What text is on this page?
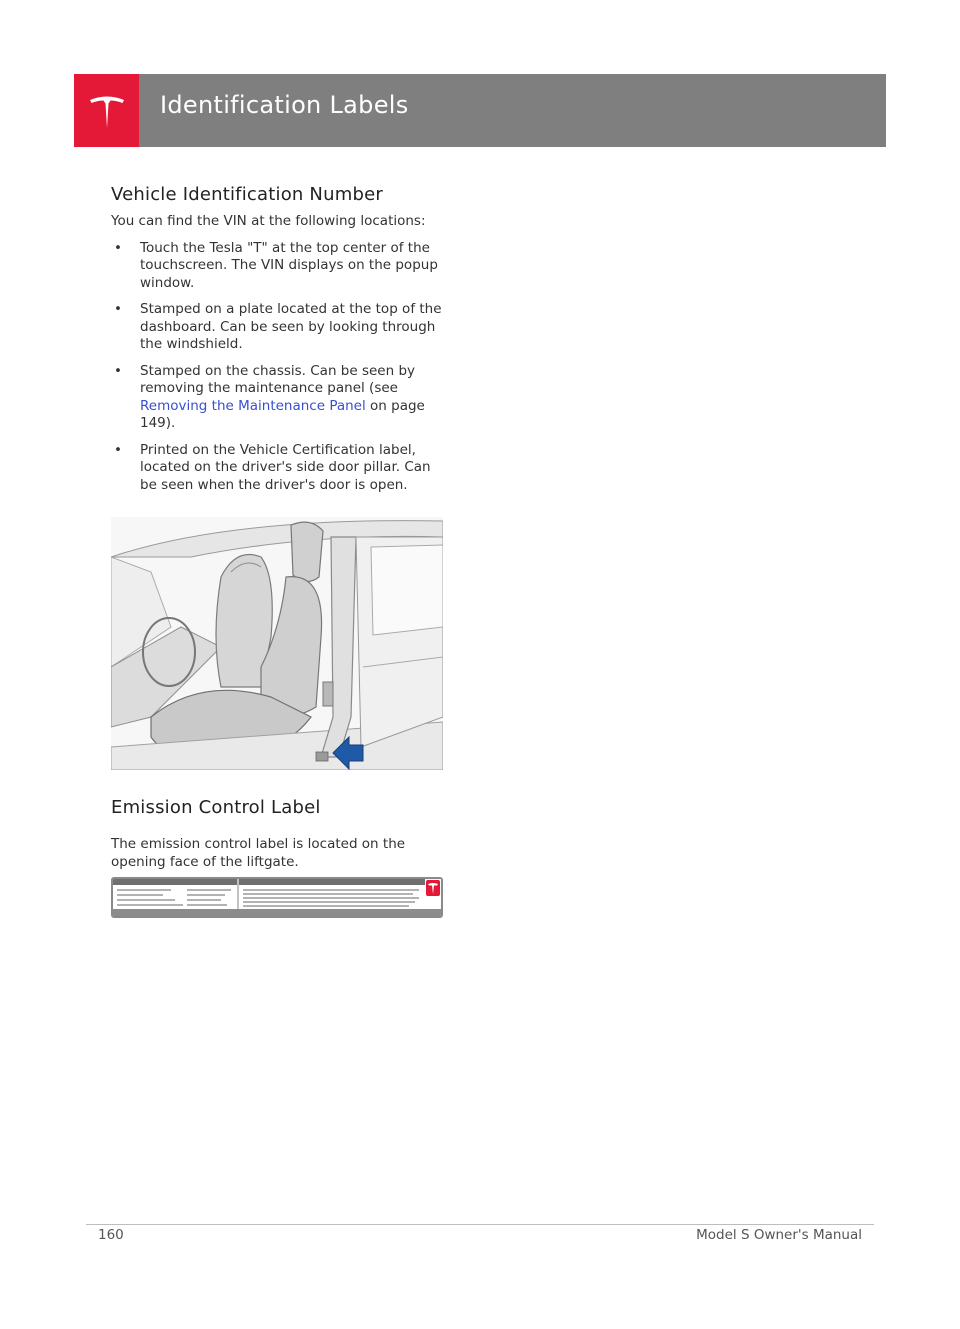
Identification Labels
Vehicle Identification Number

You can find the VIN at the following locations:

• Touch the Tesla "T" at the top center of the touchscreen. The VIN displays on the popup window.
• Stamped on a plate located at the top of the dashboard. Can be seen by looking through the windshield.
• Stamped on the chassis. Can be seen by removing the maintenance panel (see Removing the Maintenance Panel on page 149).
• Printed on the Vehicle Certification label, located on the driver's side door pillar. Can be seen when the driver's door is open.
Emission Control Label

The emission control label is located on the opening face of the liftgate.

160	Model S Owner's Manual
